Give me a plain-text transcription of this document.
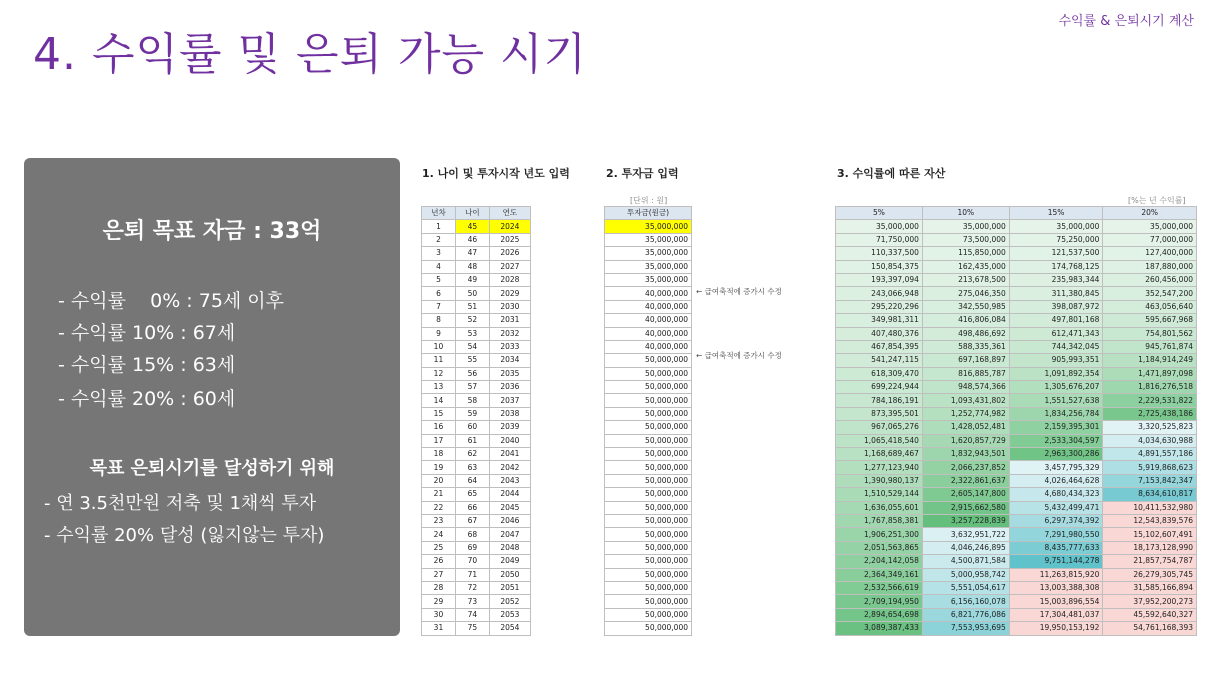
수익률 & 은퇴시기 계산
4. 수익률 및 은퇴 가능 시기
은퇴 목표 자금 : 33억
- 수익률    0% : 75세 이후
- 수익률 10% : 67세
- 수익률 15% : 63세
- 수익률 20% : 60세
목표 은퇴시기를 달성하기 위해
- 연 3.5천만원 저축 및 1채씩 투자
- 수익률 20% 달성 (잃지않는 투자)
1. 나이 및 투자시작 년도 입력	2. 투자금 입력	3. 수익률에 따른 자산
[단위 : 원]	[%는 년 수익률]
년차	나이	연도
1	45	2024
2	46	2025
3	47	2026
4	48	2027
5	49	2028
6	50	2029
7	51	2030
8	52	2031
9	53	2032
10	54	2033
11	55	2034
12	56	2035
13	57	2036
14	58	2037
15	59	2038
16	60	2039
17	61	2040
18	62	2041
19	63	2042
20	64	2043
21	65	2044
22	66	2045
23	67	2046
24	68	2047
25	69	2048
26	70	2049
27	71	2050
28	72	2051
29	73	2052
30	74	2053
31	75	2054
투자금(원금)
35,000,000
35,000,000
35,000,000
35,000,000
35,000,000
40,000,000
40,000,000
40,000,000
40,000,000
40,000,000
50,000,000
50,000,000
50,000,000
50,000,000
50,000,000
50,000,000
50,000,000
50,000,000
50,000,000
50,000,000
50,000,000
50,000,000
50,000,000
50,000,000
50,000,000
50,000,000
50,000,000
50,000,000
50,000,000
50,000,000
50,000,000
← 급여축적에 증가시 수정
← 급여축적에 증가시 수정
5%	10%	15%	20%
35,000,000	35,000,000	35,000,000	35,000,000
71,750,000	73,500,000	75,250,000	77,000,000
110,337,500	115,850,000	121,537,500	127,400,000
150,854,375	162,435,000	174,768,125	187,880,000
193,397,094	213,678,500	235,983,344	260,456,000
243,066,948	275,046,350	311,380,845	352,547,200
295,220,296	342,550,985	398,087,972	463,056,640
349,981,311	416,806,084	497,801,168	595,667,968
407,480,376	498,486,692	612,471,343	754,801,562
467,854,395	588,335,361	744,342,045	945,761,874
541,247,115	697,168,897	905,993,351	1,184,914,249
618,309,470	816,885,787	1,091,892,354	1,471,897,098
699,224,944	948,574,366	1,305,676,207	1,816,276,518
784,186,191	1,093,431,802	1,551,527,638	2,229,531,822
873,395,501	1,252,774,982	1,834,256,784	2,725,438,186
967,065,276	1,428,052,481	2,159,395,301	3,320,525,823
1,065,418,540	1,620,857,729	2,533,304,597	4,034,630,988
1,168,689,467	1,832,943,501	2,963,300,286	4,891,557,186
1,277,123,940	2,066,237,852	3,457,795,329	5,919,868,623
1,390,980,137	2,322,861,637	4,026,464,628	7,153,842,347
1,510,529,144	2,605,147,800	4,680,434,323	8,634,610,817
1,636,055,601	2,915,662,580	5,432,499,471	10,411,532,980
1,767,858,381	3,257,228,839	6,297,374,392	12,543,839,576
1,906,251,300	3,632,951,722	7,291,980,550	15,102,607,491
2,051,563,865	4,046,246,895	8,435,777,633	18,173,128,990
2,204,142,058	4,500,871,584	9,751,144,278	21,857,754,787
2,364,349,161	5,000,958,742	11,263,815,920	26,279,305,745
2,532,566,619	5,551,054,617	13,003,388,308	31,585,166,894
2,709,194,950	6,156,160,078	15,003,896,554	37,952,200,273
2,894,654,698	6,821,776,086	17,304,481,037	45,592,640,327
3,089,387,433	7,553,953,695	19,950,153,192	54,761,168,393
